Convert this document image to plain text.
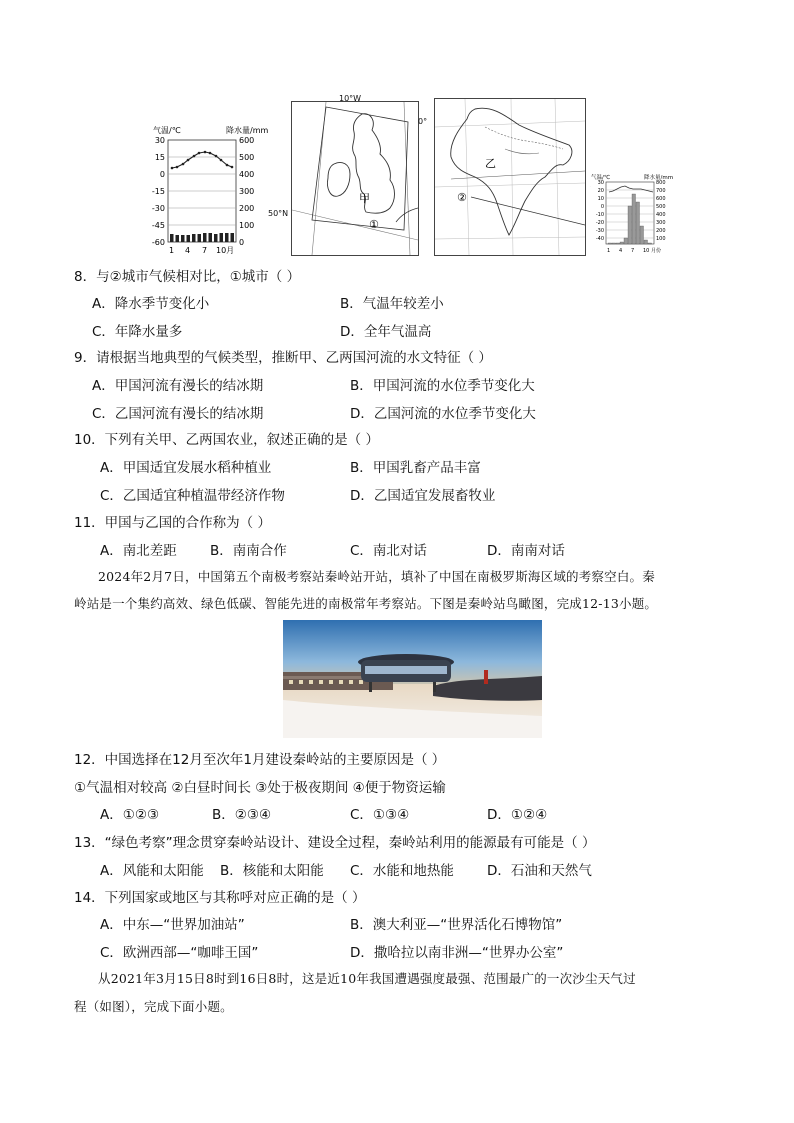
气温/℃	降水量/mm
30
15
0
-15
-30
-45
-60
600
500
400
300
200
100
0
1 4 7 10月
甲
①
10°W
0°
50°N
乙
②
气温/℃	降水量/mm
30
20
10
0
-10
-20
-30
-40
800
700
600
500
400
300
200
100
1 4 7 10 月份
8．与②城市气候相对比，①城市（ ）
A．降水季节变化小	B．气温年较差小
C．年降水量多	D．全年气温高
9．请根据当地典型的气候类型，推断甲、乙两国河流的水文特征（ ）
A．甲国河流有漫长的结冰期	B．甲国河流的水位季节变化大
C．乙国河流有漫长的结冰期	D．乙国河流的水位季节变化大
10．下列有关甲、乙两国农业，叙述正确的是（ ）
A．甲国适宜发展水稻种植业	B．甲国乳畜产品丰富
C．乙国适宜种植温带经济作物	D．乙国适宜发展畜牧业
11．甲国与乙国的合作称为（ ）
A．南北差距 B．南南合作	C．南北对话	D．南南对话
2024年2月7日，中国第五个南极考察站秦岭站开站，填补了中国在南极罗斯海区域的考察空白。秦
岭站是一个集约高效、绿色低碳、智能先进的南极常年考察站。下图是秦岭站鸟瞰图，完成12-13小题。
12．中国选择在12月至次年1月建设秦岭站的主要原因是（ ）
①气温相对较高 ②白昼时间长 ③处于极夜期间 ④便于物资运输
A．①②③	B．②③④	C．①③④	D．①②④
13．“绿色考察”理念贯穿秦岭站设计、建设全过程，秦岭站利用的能源最有可能是（ ）
A．风能和太阳能 B．核能和太阳能 C．水能和地热能 D．石油和天然气
14．下列国家或地区与其称呼对应正确的是（ ）
A．中东—“世界加油站”	B．澳大利亚—“世界活化石博物馆”
C．欧洲西部—“咖啡王国”	D．撒哈拉以南非洲—“世界办公室”
从2021年3月15日8时到16日8时，这是近10年我国遭遇强度最强、范围最广的一次沙尘天气过
程（如图），完成下面小题。
